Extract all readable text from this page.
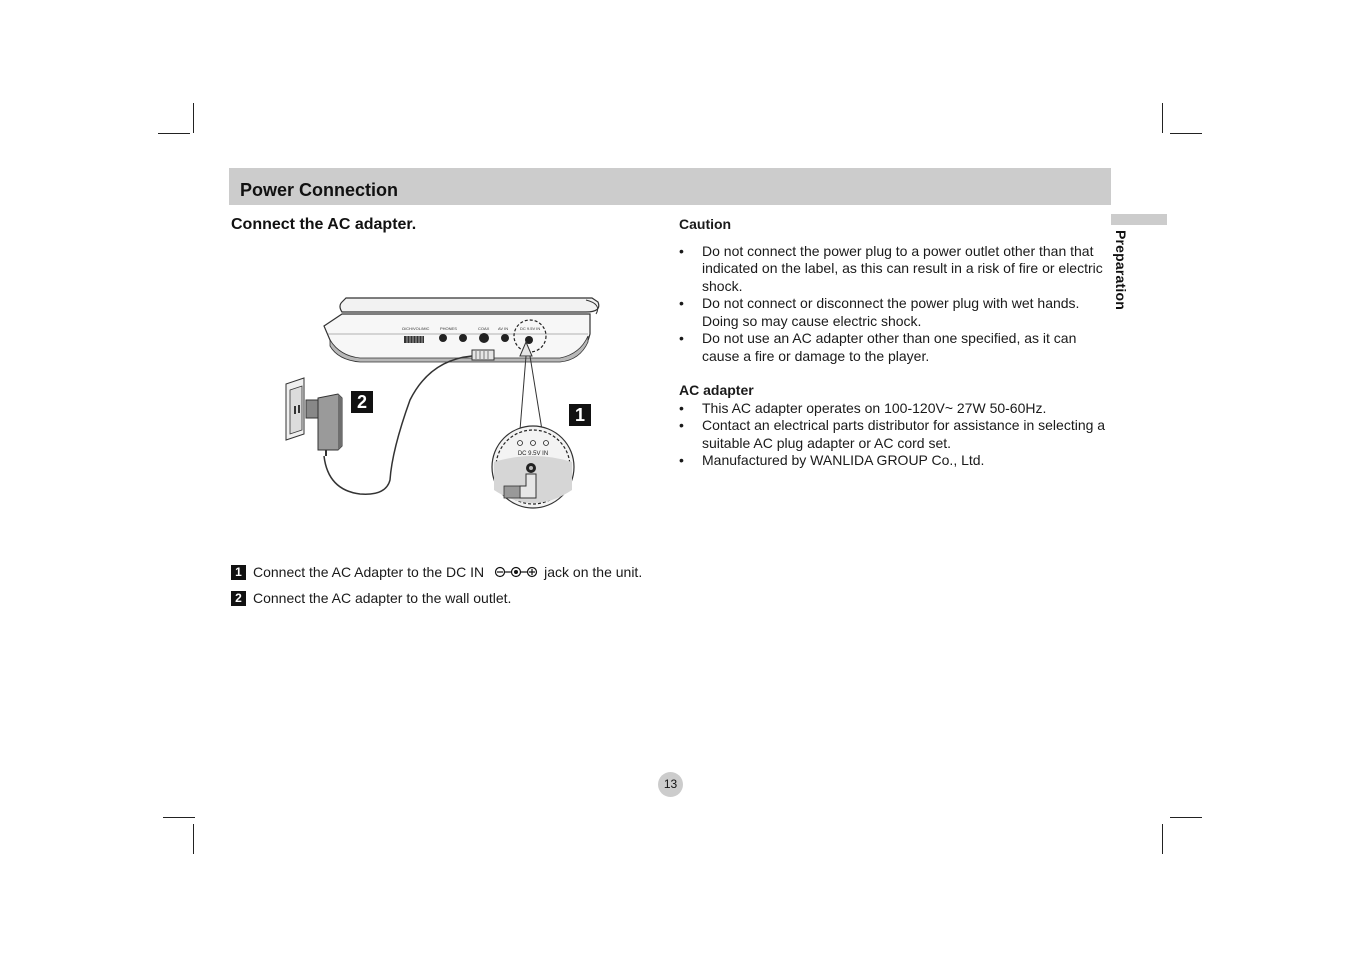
Power Connection
Preparation
Connect the AC adapter.
Ω/CH/VOL/MIC	PHONES	COAX AV IN	DC 9.5V IN
DC 9.5V IN
2
1
1 Connect the AC Adapter to the DC IN	jack on the unit.
2 Connect the AC adapter to the wall outlet.
Caution
• Do not connect the power plug to a power outlet other than that indicated on the label, as this can result in a risk of fire or electric shock.
• Do not connect or disconnect the power plug with wet hands. Doing so may cause electric shock.
• Do not use an AC adapter other than one specified, as it can cause a fire or damage to the player.
AC adapter
• This AC adapter operates on 100-120V~ 27W 50-60Hz.
• Contact an electrical parts distributor for assistance in selecting a suitable AC plug adapter or AC cord set.
• Manufactured by WANLIDA GROUP Co., Ltd.
13
